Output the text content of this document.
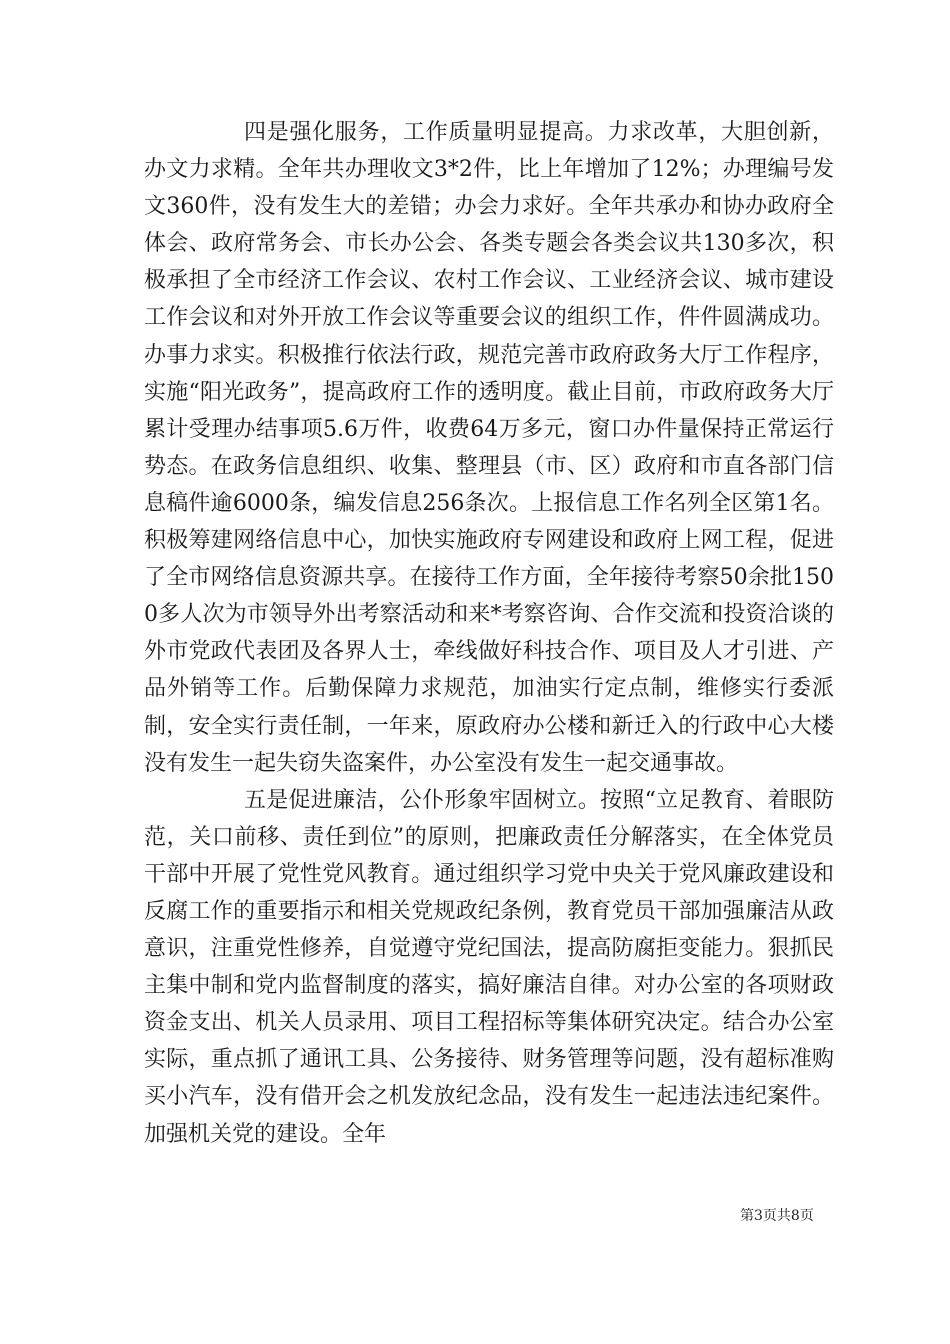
四是强化服务，工作质量明显提高。力求改革，大胆创新，办文力求精。全年共办理收文3*2件，比上年增加了12%；办理编号发文360件，没有发生大的差错；办会力求好。全年共承办和协办政府全体会、政府常务会、市长办公会、各类专题会各类会议共130多次，积极承担了全市经济工作会议、农村工作会议、工业经济会议、城市建设工作会议和对外开放工作会议等重要会议的组织工作，件件圆满成功。办事力求实。积极推行依法行政，规范完善市政府政务大厅工作程序，实施“阳光政务”，提高政府工作的透明度。截止目前，市政府政务大厅累计受理办结事项5.6万件，收费64万多元，窗口办件量保持正常运行势态。在政务信息组织、收集、整理县（市、区）政府和市直各部门信息稿件逾6000条，编发信息256条次。上报信息工作名列全区第1名。积极筹建网络信息中心，加快实施政府专网建设和政府上网工程，促进了全市网络信息资源共享。在接待工作方面，全年接待考察50余批1500多人次为市领导外出考察活动和来*考察咨询、合作交流和投资洽谈的外市党政代表团及各界人士，牵线做好科技合作、项目及人才引进、产品外销等工作。后勤保障力求规范，加油实行定点制，维修实行委派制，安全实行责任制，一年来，原政府办公楼和新迁入的行政中心大楼没有发生一起失窃失盗案件，办公室没有发生一起交通事故。

五是促进廉洁，公仆形象牢固树立。按照“立足教育、着眼防范，关口前移、责任到位”的原则，把廉政责任分解落实，在全体党员干部中开展了党性党风教育。通过组织学习党中央关于党风廉政建设和反腐工作的重要指示和相关党规政纪条例，教育党员干部加强廉洁从政意识，注重党性修养，自觉遵守党纪国法，提高防腐拒变能力。狠抓民主集中制和党内监督制度的落实，搞好廉洁自律。对办公室的各项财政资金支出、机关人员录用、项目工程招标等集体研究决定。结合办公室实际，重点抓了通讯工具、公务接待、财务管理等问题，没有超标准购买小汽车，没有借开会之机发放纪念品，没有发生一起违法违纪案件。加强机关党的建设。全年

第3页共8页
